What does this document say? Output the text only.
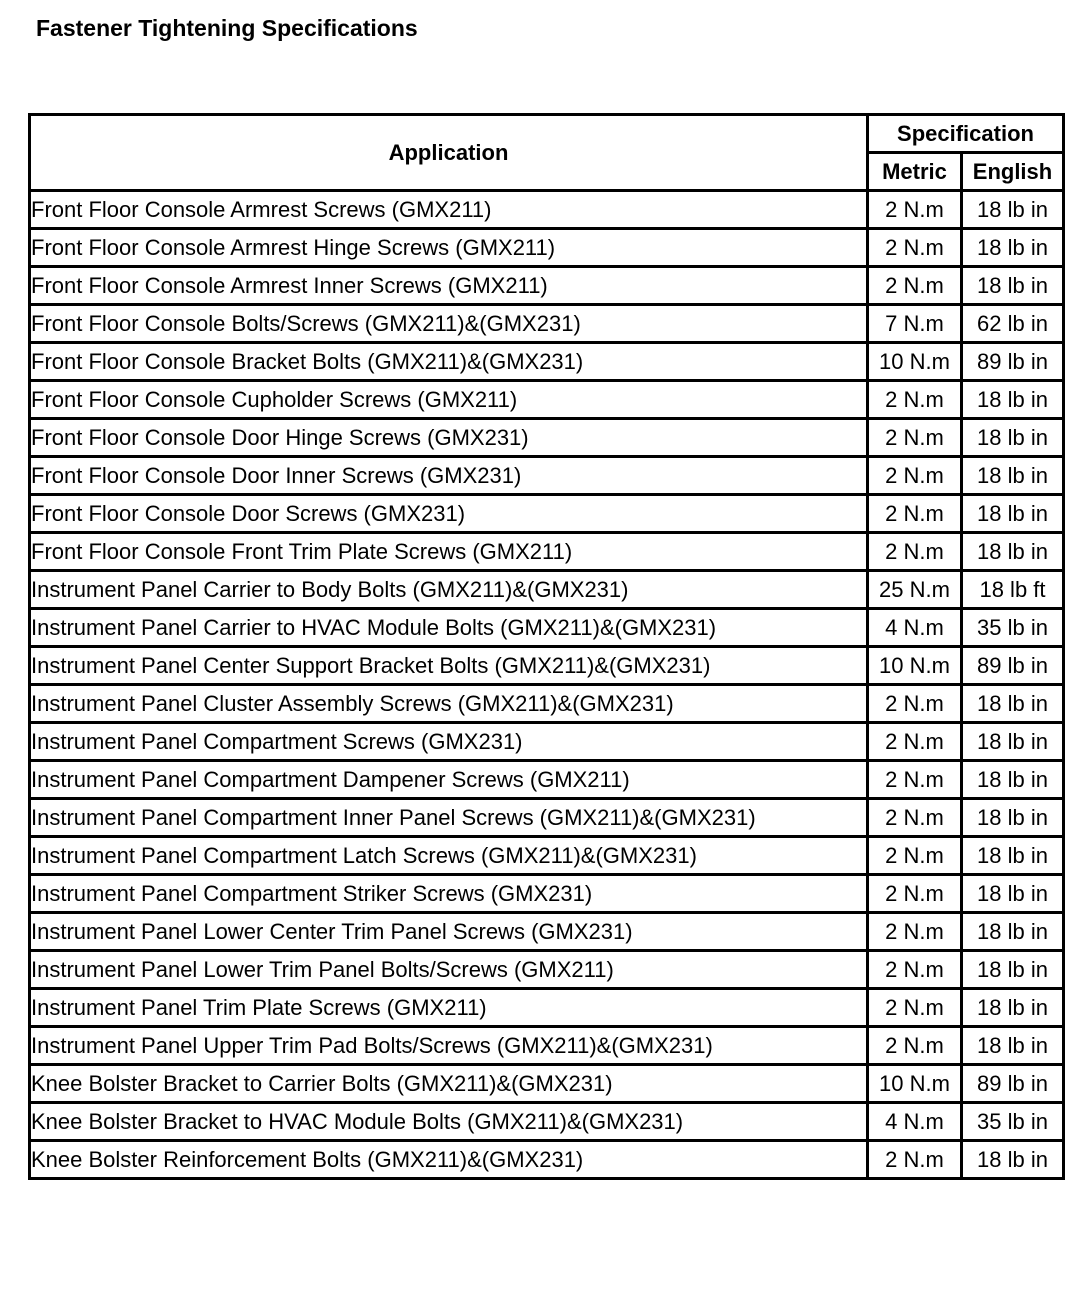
Fastener Tightening Specifications
Application	Specification	
	Metric	English
Front Floor Console Armrest Screws (GMX211)	2 N.m	18 lb in
Front Floor Console Armrest Hinge Screws (GMX211)	2 N.m	18 lb in
Front Floor Console Armrest Inner Screws (GMX211)	2 N.m	18 lb in
Front Floor Console Bolts/Screws (GMX211)&(GMX231)	7 N.m	62 lb in
Front Floor Console Bracket Bolts (GMX211)&(GMX231)	10 N.m	89 lb in
Front Floor Console Cupholder Screws (GMX211)	2 N.m	18 lb in
Front Floor Console Door Hinge Screws (GMX231)	2 N.m	18 lb in
Front Floor Console Door Inner Screws (GMX231)	2 N.m	18 lb in
Front Floor Console Door Screws (GMX231)	2 N.m	18 lb in
Front Floor Console Front Trim Plate Screws (GMX211)	2 N.m	18 lb in
Instrument Panel Carrier to Body Bolts (GMX211)&(GMX231)	25 N.m	18 lb ft
Instrument Panel Carrier to HVAC Module Bolts (GMX211)&(GMX231)	4 N.m	35 lb in
Instrument Panel Center Support Bracket Bolts (GMX211)&(GMX231)	10 N.m	89 lb in
Instrument Panel Cluster Assembly Screws (GMX211)&(GMX231)	2 N.m	18 lb in
Instrument Panel Compartment Screws (GMX231)	2 N.m	18 lb in
Instrument Panel Compartment Dampener Screws (GMX211)	2 N.m	18 lb in
Instrument Panel Compartment Inner Panel Screws (GMX211)&(GMX231)	2 N.m	18 lb in
Instrument Panel Compartment Latch Screws (GMX211)&(GMX231)	2 N.m	18 lb in
Instrument Panel Compartment Striker Screws (GMX231)	2 N.m	18 lb in
Instrument Panel Lower Center Trim Panel Screws (GMX231)	2 N.m	18 lb in
Instrument Panel Lower Trim Panel Bolts/Screws (GMX211)	2 N.m	18 lb in
Instrument Panel Trim Plate Screws (GMX211)	2 N.m	18 lb in
Instrument Panel Upper Trim Pad Bolts/Screws (GMX211)&(GMX231)	2 N.m	18 lb in
Knee Bolster Bracket to Carrier Bolts (GMX211)&(GMX231)	10 N.m	89 lb in
Knee Bolster Bracket to HVAC Module Bolts (GMX211)&(GMX231)	4 N.m	35 lb in
Knee Bolster Reinforcement Bolts (GMX211)&(GMX231)	2 N.m	18 lb in
